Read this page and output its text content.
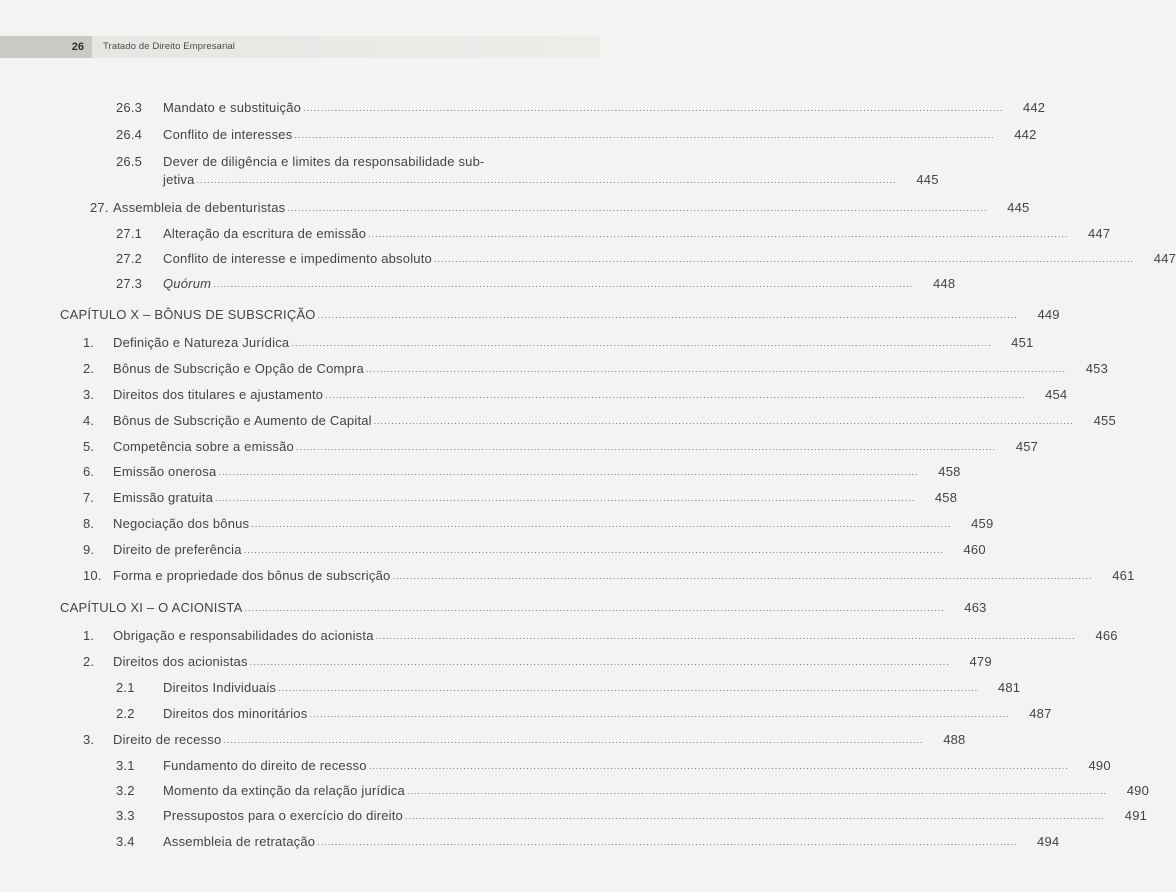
26	Tratado de Direito Empresarial
26.3	Mandato e substituição ........................................................................................................................................................................................................	442
26.4	Conflito de interesses ........................................................................................................................................................................................................	442
26.5	Dever de diligência e limites da responsabilidade sub-
jetiva ........................................................................................................................................................................................................	445
27. Assembleia de debenturistas ........................................................................................................................................................................................................	445
27.1	Alteração da escritura de emissão ........................................................................................................................................................................................................	447
27.2	Conflito de interesse e impedimento absoluto ........................................................................................................................................................................................................	447
27.3	Quórum ........................................................................................................................................................................................................	448
CAPÍTULO X – BÔNUS DE SUBSCRIÇÃO ........................................................................................................................................................................................................	449
1.	Definição e Natureza Jurídica ........................................................................................................................................................................................................	451
2.	Bônus de Subscrição e Opção de Compra ........................................................................................................................................................................................................	453
3.	Direitos dos titulares e ajustamento ........................................................................................................................................................................................................	454
4.	Bônus de Subscrição e Aumento de Capital ........................................................................................................................................................................................................	455
5.	Competência sobre a emissão ........................................................................................................................................................................................................	457
6.	Emissão onerosa ........................................................................................................................................................................................................	458
7.	Emissão gratuita ........................................................................................................................................................................................................	458
8.	Negociação dos bônus ........................................................................................................................................................................................................	459
9.	Direito de preferência ........................................................................................................................................................................................................	460
10. Forma e propriedade dos bônus de subscrição ........................................................................................................................................................................................................	461
CAPÍTULO XI – O ACIONISTA ........................................................................................................................................................................................................	463
1.	Obrigação e responsabilidades do acionista ........................................................................................................................................................................................................	466
2.	Direitos dos acionistas ........................................................................................................................................................................................................	479
2.1	Direitos Individuais ........................................................................................................................................................................................................	481
2.2	Direitos dos minoritários ........................................................................................................................................................................................................	487
3.	Direito de recesso ........................................................................................................................................................................................................	488
3.1	Fundamento do direito de recesso ........................................................................................................................................................................................................	490
3.2	Momento da extinção da relação jurídica ........................................................................................................................................................................................................	490
3.3	Pressupostos para o exercício do direito ........................................................................................................................................................................................................	491
3.4	Assembleia de retratação ........................................................................................................................................................................................................	494
